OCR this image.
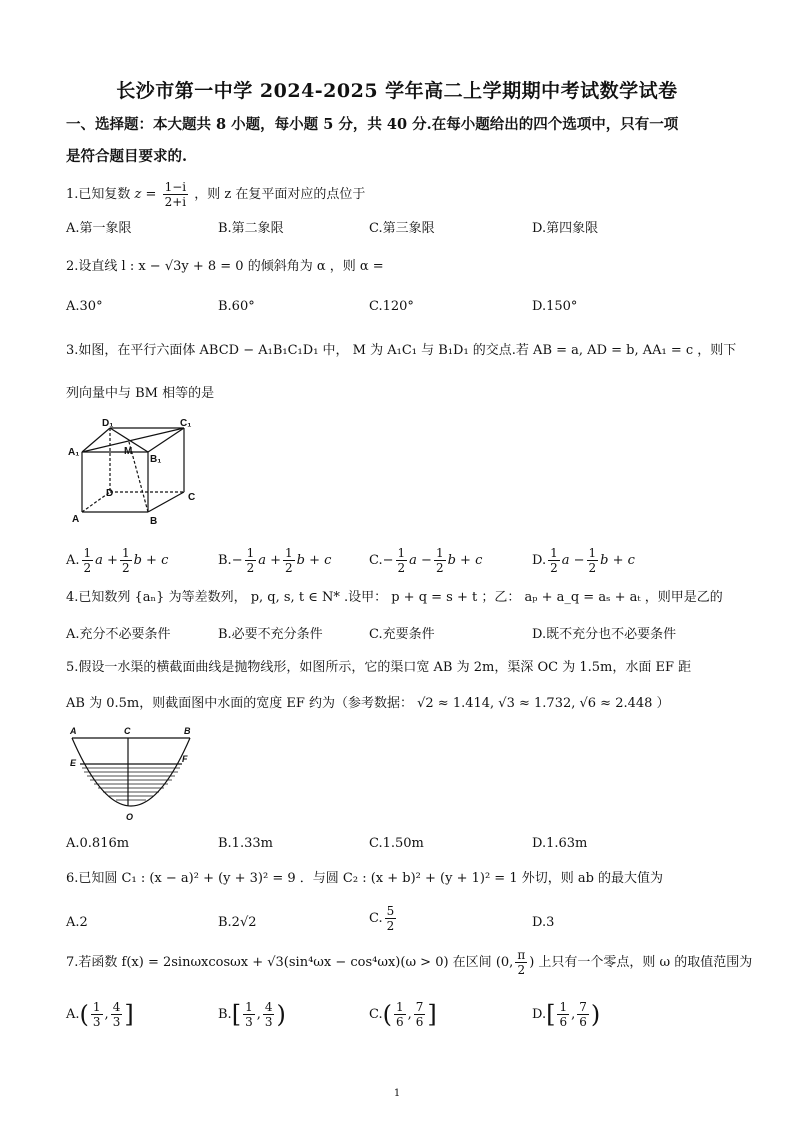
长沙市第一中学 2024-2025 学年高二上学期期中考试数学试卷
一、选择题：本大题共 8 小题，每小题 5 分，共 40 分.在每小题给出的四个选项中，只有一项
是符合题目要求的.
1.已知复数 $z = \frac{1-i}{2+i}$ ，则 z 在复平面对应的点位于
A.第一象限	B.第二象限	C.第三象限	D.第四象限
2.设直线 l : x − √3y + 8 = 0 的倾斜角为 α ，则 α =
A.30°	B.60°	C.120°	D.150°
3.如图，在平行六面体 ABCD − A₁B₁C₁D₁ 中， M 为 A₁C₁ 与 B₁D₁ 的交点.若 AB = a, AD = b, AA₁ = c ，则下
列向量中与 BM 相等的是
D₁	C₁
A₁	M
B₁
D	C
A	B
A. $\frac{1}{2}$ $a + \frac{1}{2}$ b + c	$B.- \frac{1}{2}$ $a + \frac{1}{2}$ b + c	$C.- \frac{1}{2}$ $a - \frac{1}{2}$ b + c	D. $\frac{1}{2}$ $a - \frac{1}{2}$ b + c
4.已知数列 {aₙ} 为等差数列， p, q, s, t ∈ N* .设甲： p + q = s + t ；乙： aₚ + a_q = aₛ + aₜ ，则甲是乙的
A.充分不必要条件	B.必要不充分条件	C.充要条件	D.既不充分也不必要条件
5.假设一水渠的横截面曲线是抛物线形，如图所示，它的渠口宽 AB 为 2m，渠深 OC 为 1.5m，水面 EF 距
AB 为 0.5m，则截面图中水面的宽度 EF 约为（参考数据： √2 ≈ 1.414, √3 ≈ 1.732, √6 ≈ 2.448 ）
A	C	B
E	F
O
A.0.816m	B.1.33m	C.1.50m	D.1.63m
6.已知圆 C₁ : (x − a)² + (y + 3)² = 9 ．与圆 C₂ : (x + b)² + (y + 1)² = 1 外切，则 ab 的最大值为
A.2	B.2√2	C. $\frac{5}{2}$	D.3
7.若函数 f(x) = 2sinωxcosωx + √3(sin⁴ωx − cos⁴ωx)(ω > 0) 在区间 (0, $\frac{\pi}{2}$ ) 上只有一个零点，则 ω 的取值范围为
$A.( \frac{1}{3}$ , $\frac{4}{3}$ ]	$B.[ \frac{1}{3}$ , $\frac{4}{3}$ )	$C.( \frac{1}{6}$ , $\frac{7}{6}$ ]	$D.[ \frac{1}{6}$ , $\frac{7}{6}$ )
1
